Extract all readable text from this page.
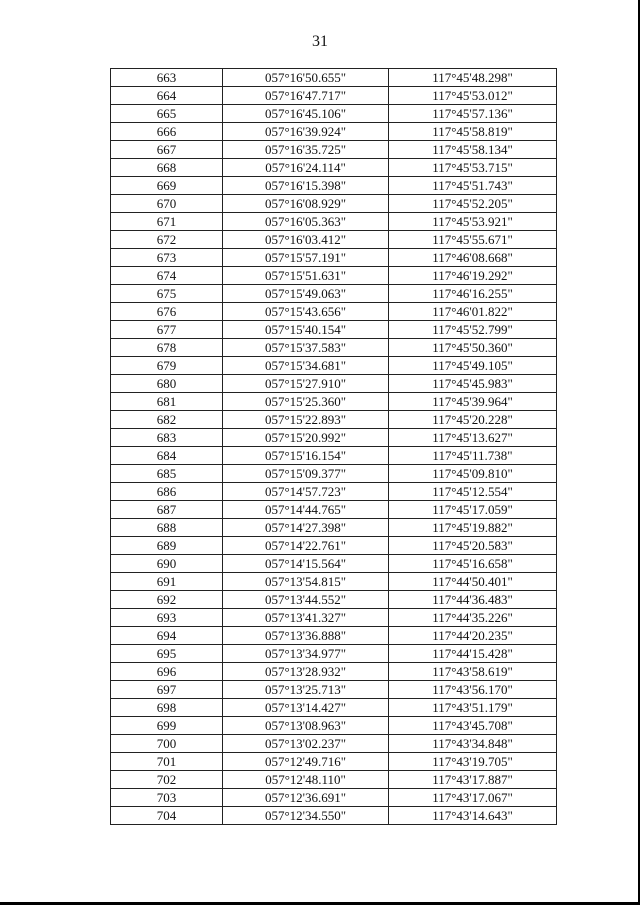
31
663	057°16'50.655"	117°45'48.298"
664	057°16'47.717"	117°45'53.012"
665	057°16'45.106"	117°45'57.136"
666	057°16'39.924"	117°45'58.819"
667	057°16'35.725"	117°45'58.134"
668	057°16'24.114"	117°45'53.715"
669	057°16'15.398"	117°45'51.743"
670	057°16'08.929"	117°45'52.205"
671	057°16'05.363"	117°45'53.921"
672	057°16'03.412"	117°45'55.671"
673	057°15'57.191"	117°46'08.668"
674	057°15'51.631"	117°46'19.292"
675	057°15'49.063"	117°46'16.255"
676	057°15'43.656"	117°46'01.822"
677	057°15'40.154"	117°45'52.799"
678	057°15'37.583"	117°45'50.360"
679	057°15'34.681"	117°45'49.105"
680	057°15'27.910"	117°45'45.983"
681	057°15'25.360"	117°45'39.964"
682	057°15'22.893"	117°45'20.228"
683	057°15'20.992"	117°45'13.627"
684	057°15'16.154"	117°45'11.738"
685	057°15'09.377"	117°45'09.810"
686	057°14'57.723"	117°45'12.554"
687	057°14'44.765"	117°45'17.059"
688	057°14'27.398"	117°45'19.882"
689	057°14'22.761"	117°45'20.583"
690	057°14'15.564"	117°45'16.658"
691	057°13'54.815"	117°44'50.401"
692	057°13'44.552"	117°44'36.483"
693	057°13'41.327"	117°44'35.226"
694	057°13'36.888"	117°44'20.235"
695	057°13'34.977"	117°44'15.428"
696	057°13'28.932"	117°43'58.619"
697	057°13'25.713"	117°43'56.170"
698	057°13'14.427"	117°43'51.179"
699	057°13'08.963"	117°43'45.708"
700	057°13'02.237"	117°43'34.848"
701	057°12'49.716"	117°43'19.705"
702	057°12'48.110"	117°43'17.887"
703	057°12'36.691"	117°43'17.067"
704	057°12'34.550"	117°43'14.643"
